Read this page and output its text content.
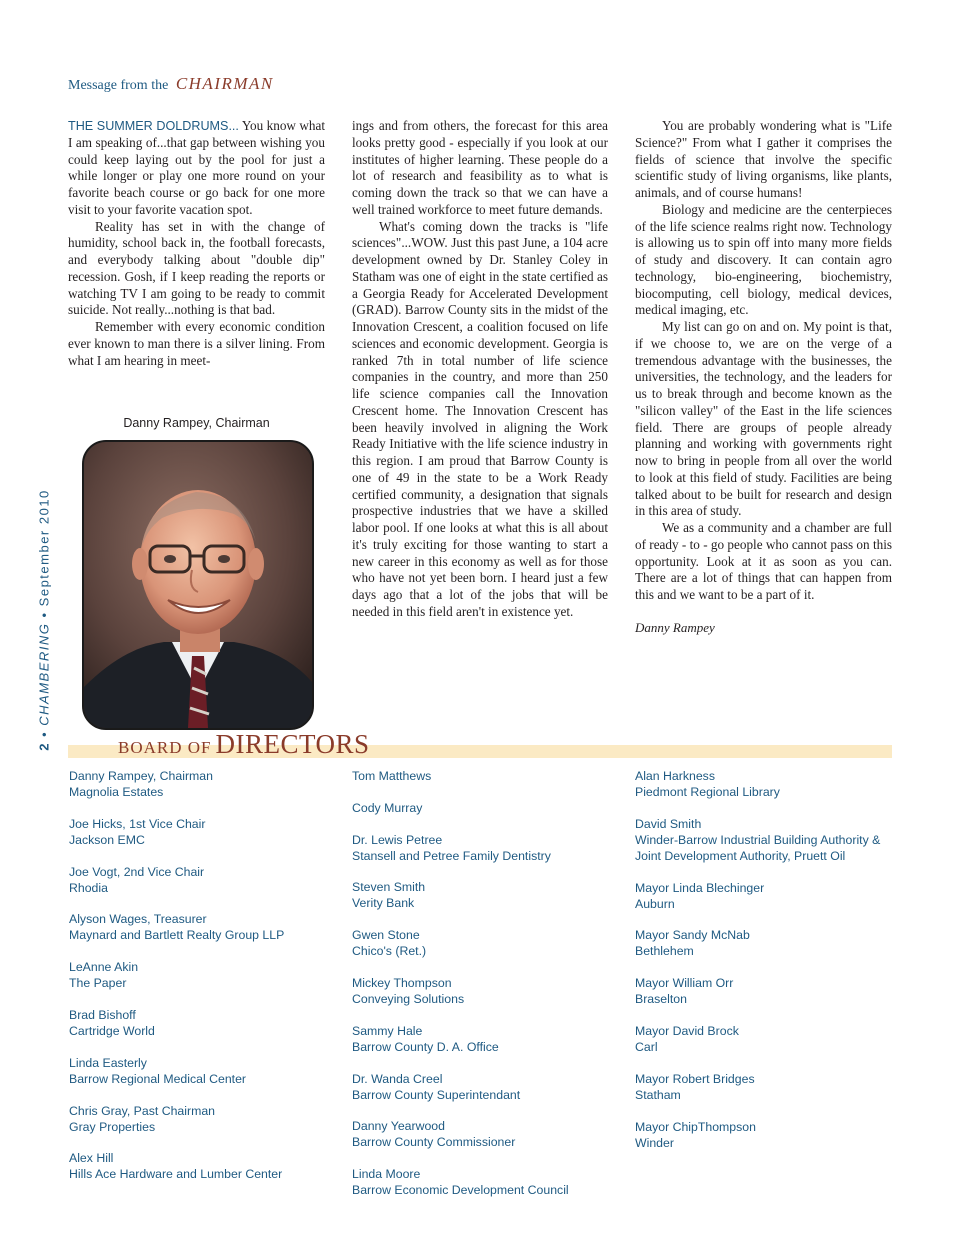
Message from the CHAIRMAN
2 • CHAMBERING • September 2010

THE SUMMER DOLDRUMS... You know what I am speaking of...that gap between wishing you could keep laying out by the pool for just a while longer or play one more round on your favorite beach course or go back for one more visit to your favorite vacation spot.

Reality has set in with the change of humidity, school back in, the football forecasts, and everybody talking about "double dip" recession. Gosh, if I keep reading the reports or watching TV I am going to be ready to commit suicide. Not really...nothing is that bad.

Remember with every economic condition ever known to man there is a silver lining. From what I am hearing in meet-

Danny Rampey, Chairman

ings and from others, the forecast for this area looks pretty good - especially if you look at our institutes of higher learning. These people do a lot of research and feasibility as to what is coming down the track so that we can have a well trained workforce to meet future demands.

What's coming down the tracks is "life sciences"...WOW. Just this past June, a 104 acre development owned by Dr. Stanley Coley in Statham was one of eight in the state certified as a Georgia Ready for Accelerated Development (GRAD). Barrow County sits in the midst of the Innovation Crescent, a coalition focused on life sciences and economic development. Georgia is ranked 7th in total number of life science companies in the country, and more than 250 life science companies call the Innovation Crescent home. The Innovation Crescent has been heavily involved in aligning the Work Ready Initiative with the life science industry in this region. I am proud that Barrow County is one of 49 in the state to be a Work Ready certified community, a designation that signals prospective industries that we have a skilled labor pool. If one looks at what this is all about it's truly exciting for those wanting to start a new career in this economy as well as for those who have not yet been born. I heard just a few days ago that a lot of the jobs that will be needed in this field aren't in existence yet.

You are probably wondering what is "Life Science?" From what I gather it comprises the fields of science that involve the specific scientific study of living organisms, like plants, animals, and of course humans!

Biology and medicine are the centerpieces of the life science realms right now. Technology is allowing us to spin off into many more fields of study and discovery. It can contain agro technology, bio-engineering, biochemistry, biocomputing, cell biology, medical devices, medical imaging, etc.

My list can go on and on. My point is that, if we choose to, we are on the verge of a tremendous advantage with the businesses, the universities, the technology, and the leaders for us to break through and become known as the "silicon valley" of the East in the life sciences field. There are groups of people already planning and working with governments right now to bring in people from all over the world to look at this field of study. Facilities are being talked about to be built for research and design in this area of study.

We as a community and a chamber are full of ready - to - go people who cannot pass on this opportunity. Look at it as soon as you can. There are a lot of things that can happen from this and we want to be a part of it.

Danny Rampey

BOARD OF DIRECTORS
Danny Rampey, Chairman
Magnolia Estates
Joe Hicks, 1st Vice Chair
Jackson EMC
Joe Vogt, 2nd Vice Chair
Rhodia
Alyson Wages, Treasurer
Maynard and Bartlett Realty Group LLP
LeAnne Akin
The Paper
Brad Bishoff
Cartridge World
Linda Easterly
Barrow Regional Medical Center
Chris Gray, Past Chairman
Gray Properties
Alex Hill
Hills Ace Hardware and Lumber Center
Tom Matthews
Cody Murray
Dr. Lewis Petree
Stansell and Petree Family Dentistry
Steven Smith
Verity Bank
Gwen Stone
Chico's (Ret.)
Mickey Thompson
Conveying Solutions
Sammy Hale
Barrow County D. A. Office
Dr. Wanda Creel
Barrow County Superintendant
Danny Yearwood
Barrow County Commissioner
Linda Moore
Barrow Economic Development Council
Alan Harkness
Piedmont Regional Library
David Smith
Winder-Barrow Industrial Building Authority &
Joint Development Authority, Pruett Oil
Mayor Linda Blechinger
Auburn
Mayor Sandy McNab
Bethlehem
Mayor William Orr
Braselton
Mayor David Brock
Carl
Mayor Robert Bridges
Statham
Mayor ChipThompson
Winder
